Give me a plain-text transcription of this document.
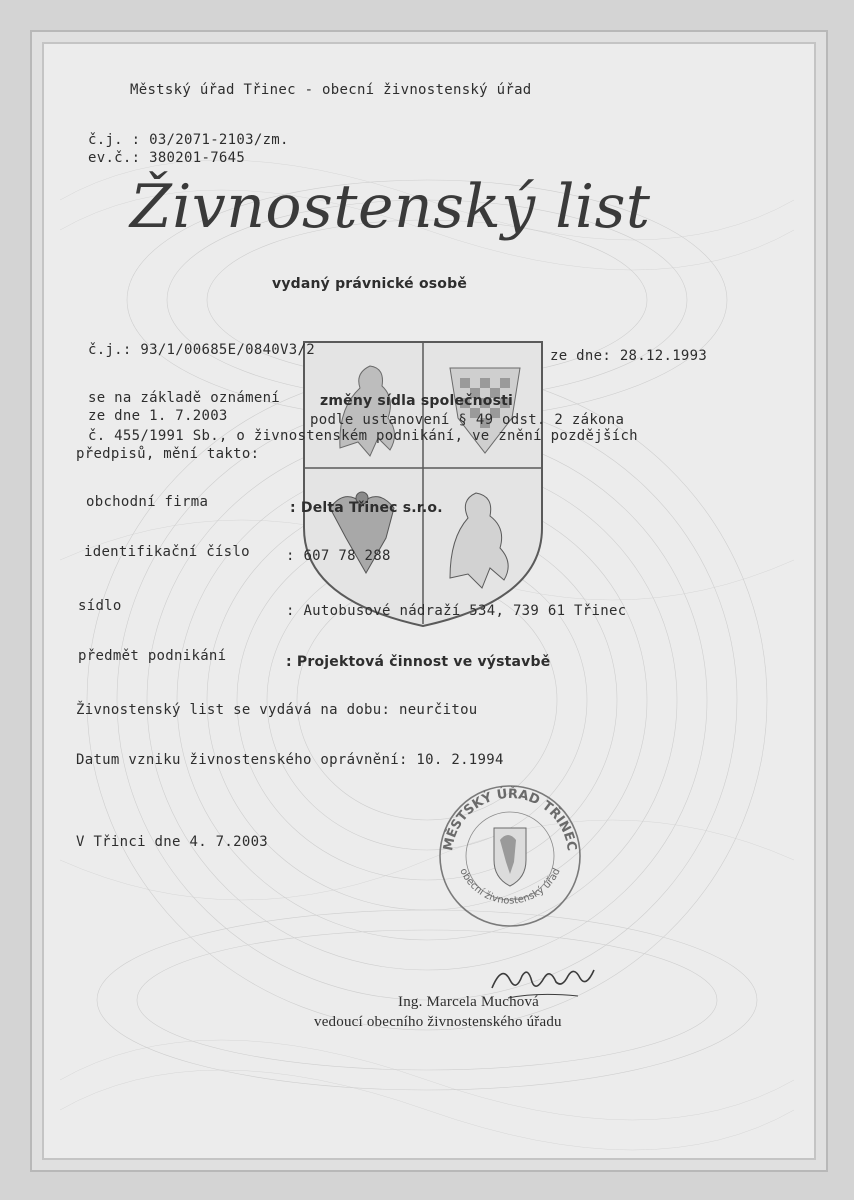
Městský úřad Třinec - obecní živnostenský úřad
č.j. : 03/2071-2103/zm.
ev.č.: 380201-7645
Živnostenský list
vydaný právnické osobě
č.j.: 93/1/00685E/0840V3/2	ze dne: 28.12.1993
se na základě oznámení	změny sídla společnosti
ze dne 1. 7.2003	podle ustanovení § 49 odst. 2 zákona
č. 455/1991 Sb., o živnostenském podnikání, ve znění pozdějších
předpisů, mění takto:
obchodní firma	: Delta Třinec s.r.o.
identifikační číslo	: 607 78 288
sídlo	: Autobusové nádraží 534, 739 61 Třinec
předmět podnikání	: Projektová činnost ve výstavbě
Živnostenský list se vydává na dobu: neurčitou
Datum vzniku živnostenského oprávnění: 10. 2.1994
V Třinci dne 4. 7.2003	MĚSTSKÝ ÚŘAD TŘINEC
obecní živnostenský úřad
Ing. Marcela Muchová
vedoucí obecního živnostenského úřadu
